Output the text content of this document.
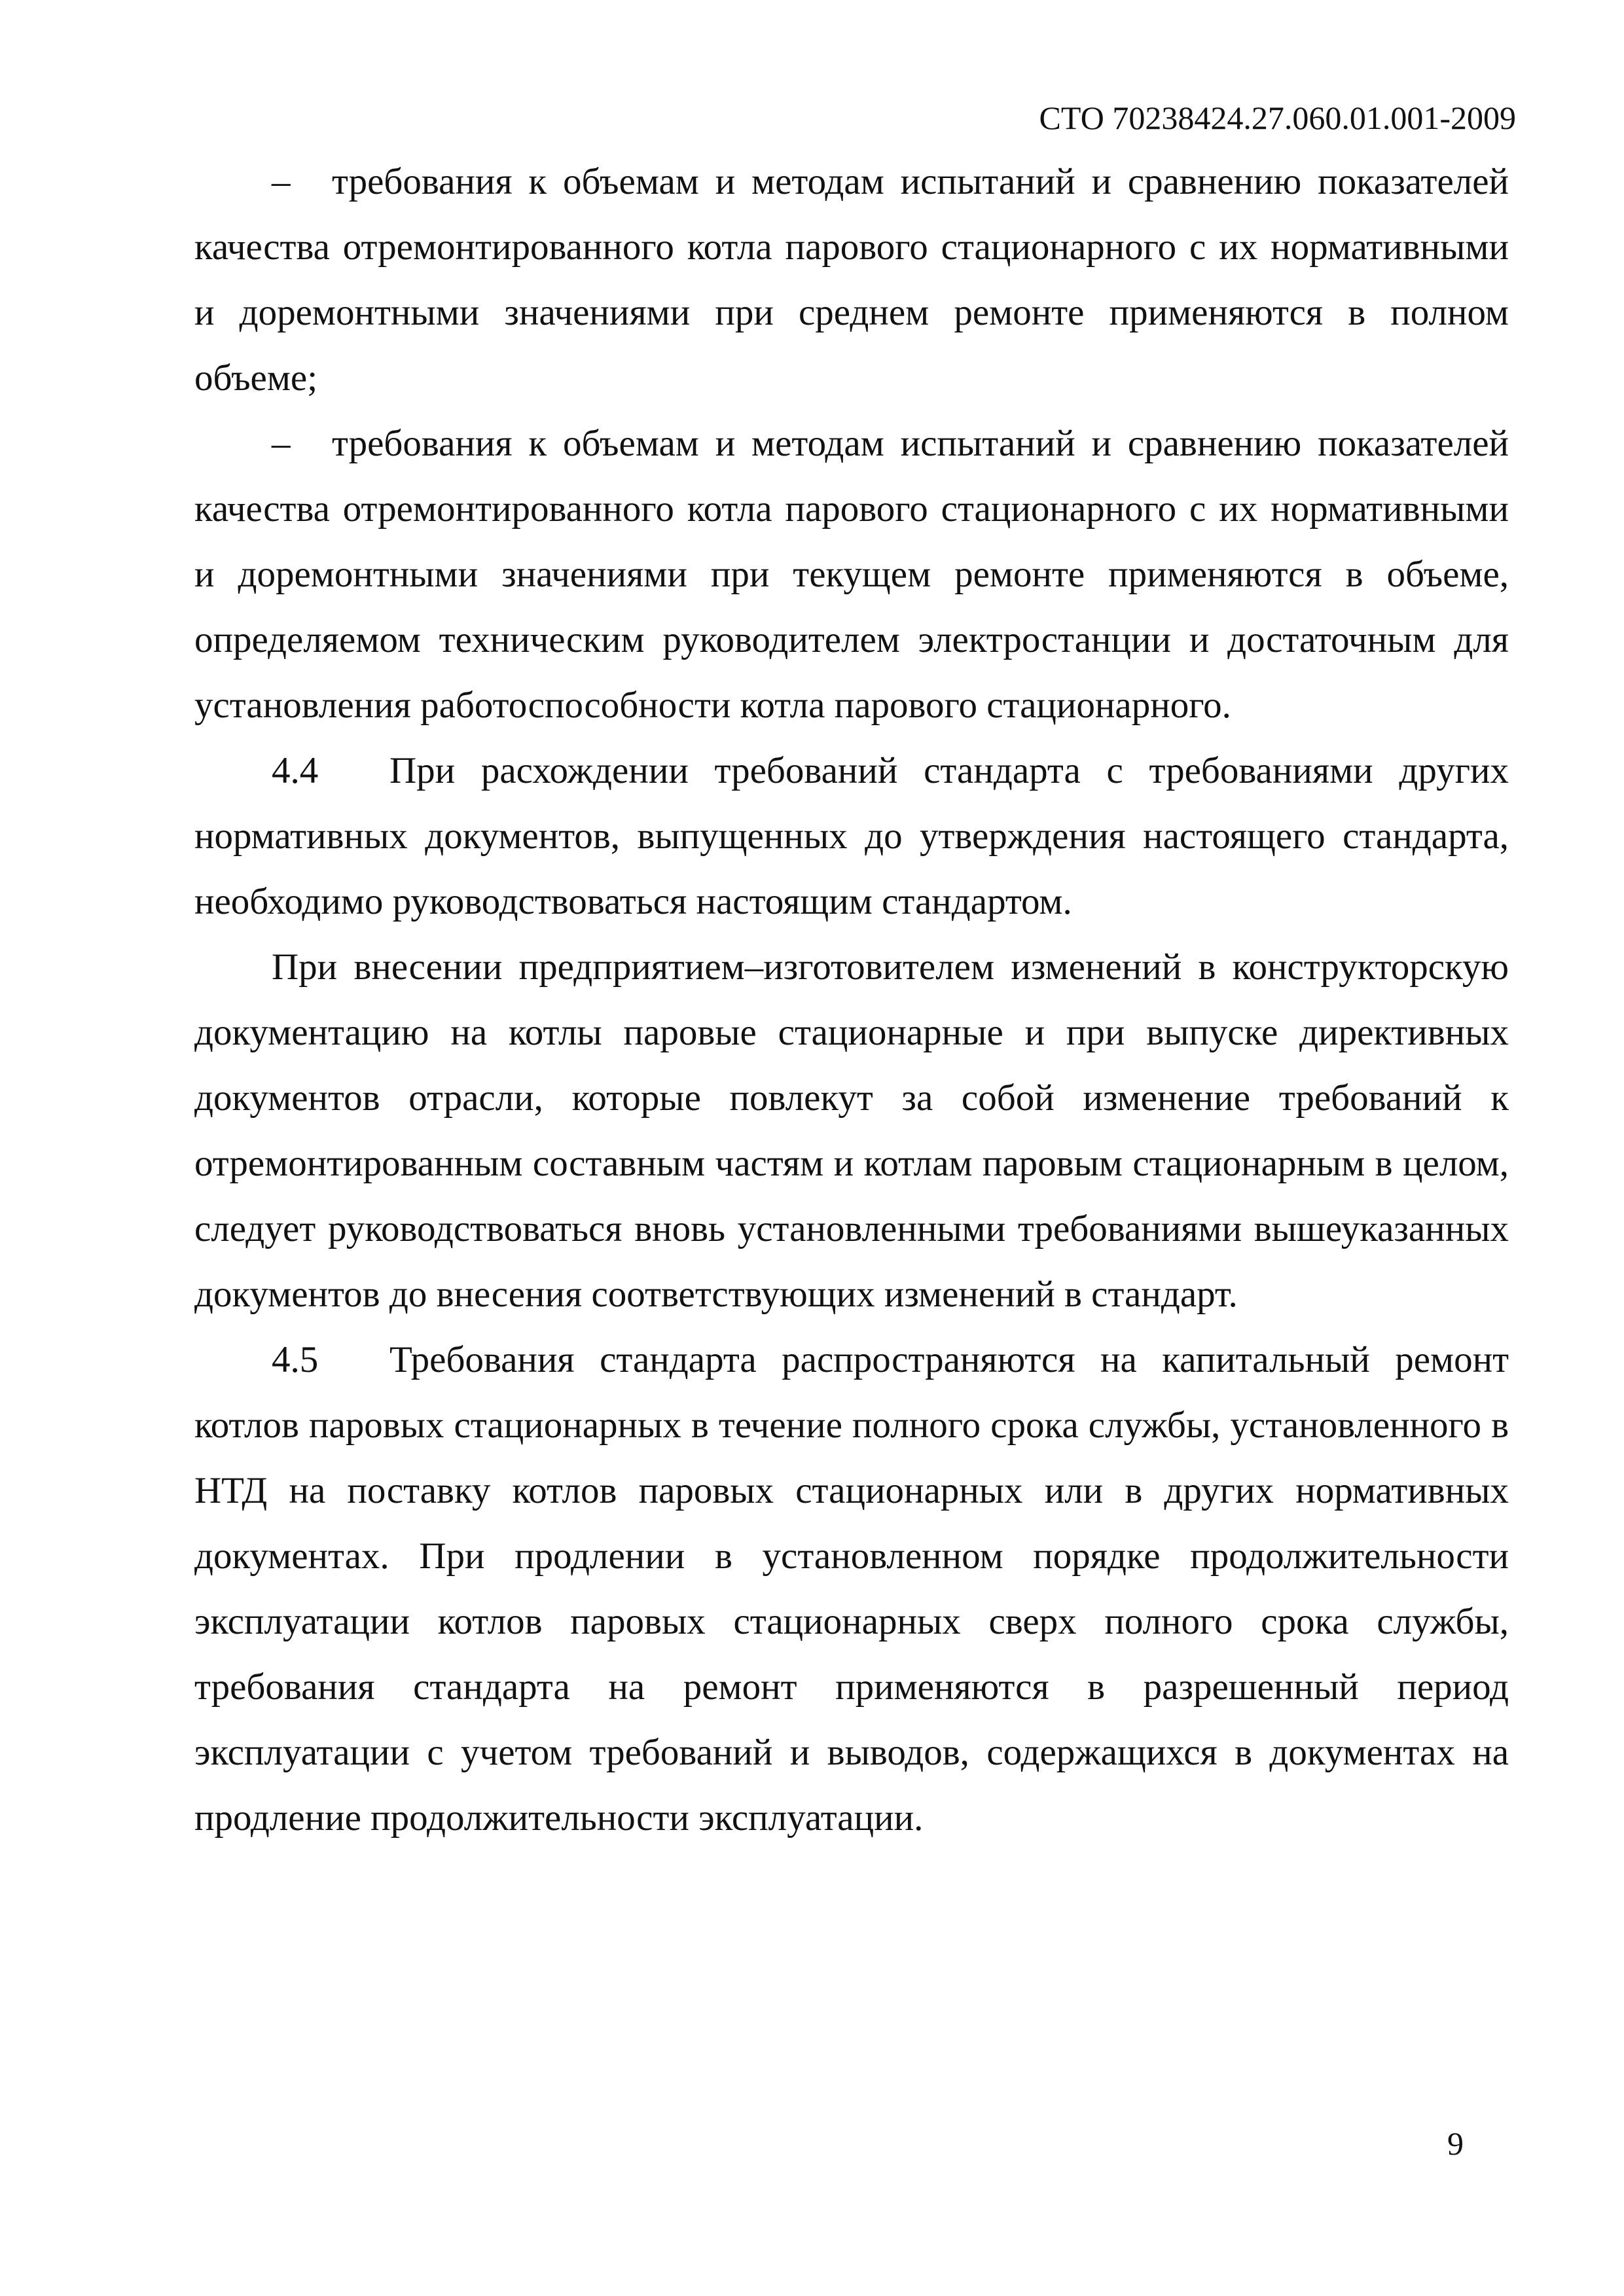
СТО 70238424.27.060.01.001-2009

– требования к объемам и методам испытаний и сравнению показателей качества отремонтированного котла парового стационарного с их нормативными и доремонтными значениями при среднем ремонте применяются в полном объеме;

– требования к объемам и методам испытаний и сравнению показателей качества отремонтированного котла парового стационарного с их нормативными и доремонтными значениями при текущем ремонте применяются в объеме, определяемом техническим руководителем электростанции и достаточным для установления работоспособности котла парового стационарного.

4.4 При расхождении требований стандарта с требованиями других нормативных документов, выпущенных до утверждения настоящего стандарта, необходимо руководствоваться настоящим стандартом.

При внесении предприятием–изготовителем изменений в конструкторскую документацию на котлы паровые стационарные и при выпуске директивных документов отрасли, которые повлекут за собой изменение требований к отремонтированным составным частям и котлам паровым стационарным в целом, следует руководствоваться вновь установленными требованиями вышеуказанных документов до внесения соответствующих изменений в стандарт.

4.5 Требования стандарта распространяются на капитальный ремонт котлов паровых стационарных в течение полного срока службы, установленного в НТД на поставку котлов паровых стационарных или в других нормативных документах. При продлении в установленном порядке продолжительности эксплуатации котлов паровых стационарных сверх полного срока службы, требования стандарта на ремонт применяются в разрешенный период эксплуатации с учетом требований и выводов, содержащихся в документах на продление продолжительности эксплуатации.

9
